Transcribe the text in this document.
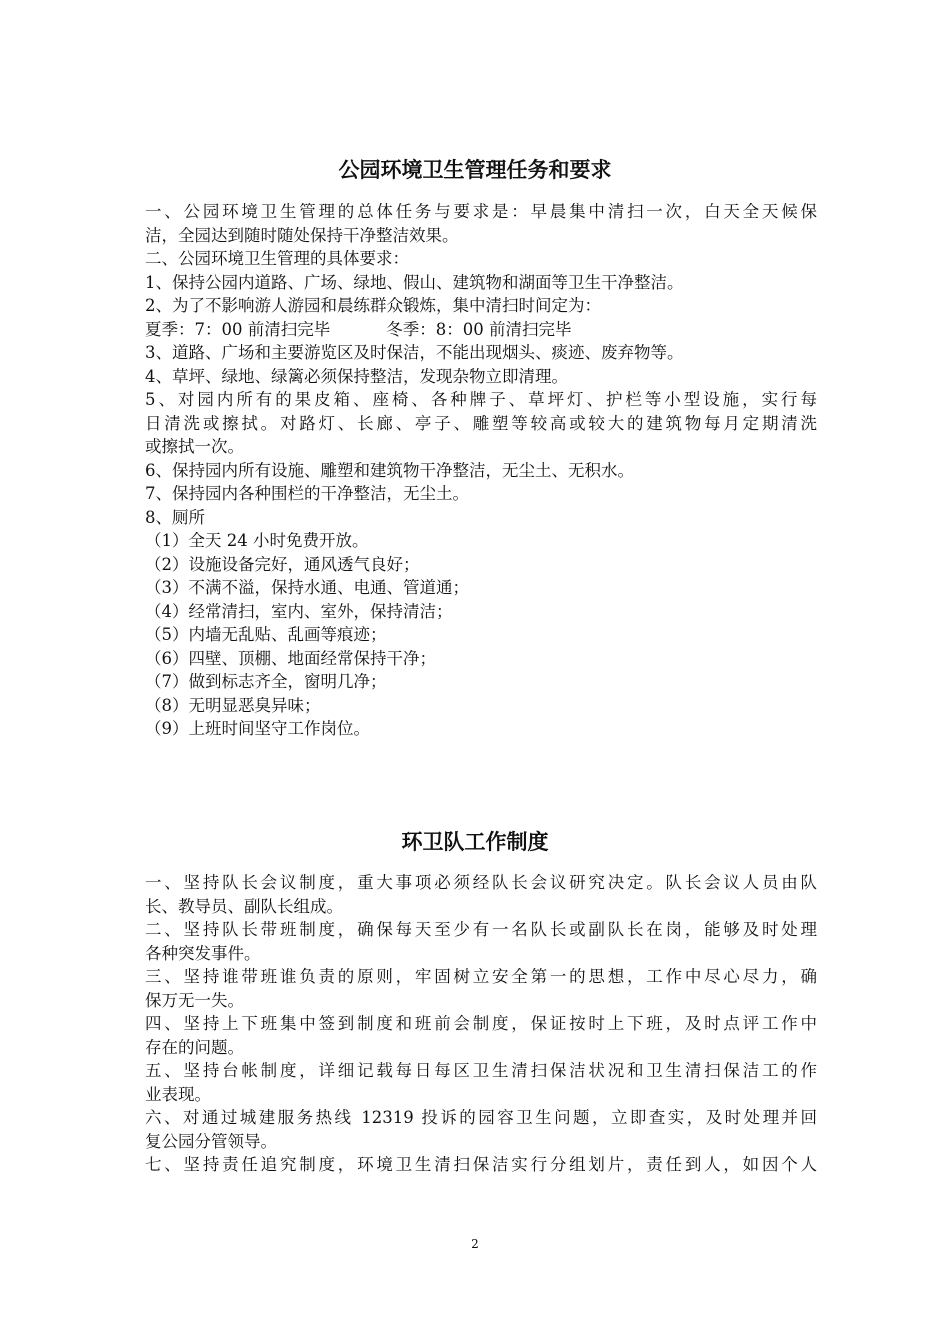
公园环境卫生管理任务和要求
一、公园环境卫生管理的总体任务与要求是：早晨集中清扫一次，白天全天候保
洁，全园达到随时随处保持干净整洁效果。
二、公园环境卫生管理的具体要求：
1、保持公园内道路、广场、绿地、假山、建筑物和湖面等卫生干净整洁。
2、为了不影响游人游园和晨练群众锻炼，集中清扫时间定为：
夏季：7：00 前清扫完毕	冬季：8：00 前清扫完毕
3、道路、广场和主要游览区及时保洁，不能出现烟头、痰迹、废弃物等。
4、草坪、绿地、绿篱必须保持整洁，发现杂物立即清理。
5、对园内所有的果皮箱、座椅、各种牌子、草坪灯、护栏等小型设施，实行每
日清洗或擦拭。对路灯、长廊、亭子、雕塑等较高或较大的建筑物每月定期清洗
或擦拭一次。
6、保持园内所有设施、雕塑和建筑物干净整洁，无尘土、无积水。
7、保持园内各种围栏的干净整洁，无尘土。
8、厕所
（1）全天 24 小时免费开放。
（2）设施设备完好，通风透气良好；
（3）不满不溢，保持水通、电通、管道通；
（4）经常清扫，室内、室外，保持清洁；
（5）内墙无乱贴、乱画等痕迹；
（6）四壁、顶棚、地面经常保持干净；
（7）做到标志齐全，窗明几净；
（8）无明显恶臭异味；
（9）上班时间坚守工作岗位。
环卫队工作制度
一、坚持队长会议制度，重大事项必须经队长会议研究决定。队长会议人员由队
长、教导员、副队长组成。
二、坚持队长带班制度，确保每天至少有一名队长或副队长在岗，能够及时处理
各种突发事件。
三、坚持谁带班谁负责的原则，牢固树立安全第一的思想，工作中尽心尽力，确
保万无一失。
四、坚持上下班集中签到制度和班前会制度，保证按时上下班，及时点评工作中
存在的问题。
五、坚持台帐制度，详细记载每日每区卫生清扫保洁状况和卫生清扫保洁工的作
业表现。
六、对通过城建服务热线 12319 投诉的园容卫生问题，立即查实，及时处理并回
复公园分管领导。
七、坚持责任追究制度，环境卫生清扫保洁实行分组划片，责任到人，如因个人
2
